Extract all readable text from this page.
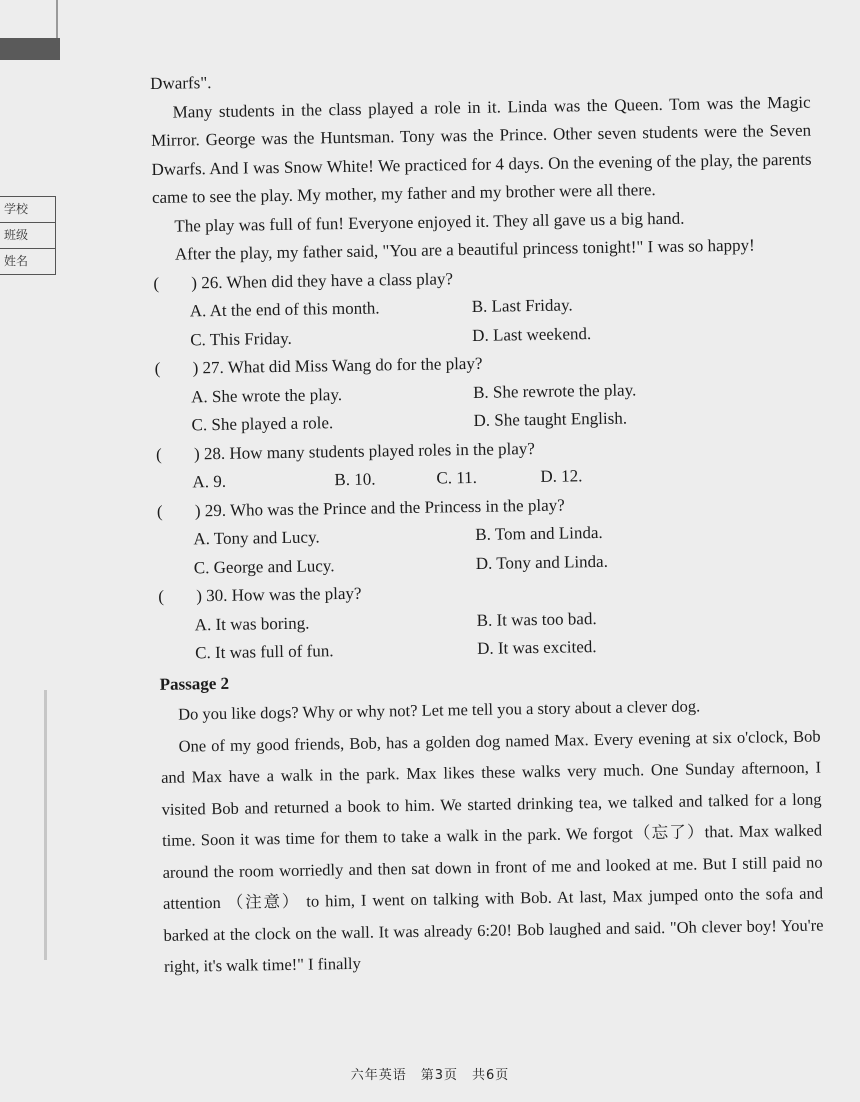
学校
班级
姓名

Dwarfs".

Many students in the class played a role in it. Linda was the Queen. Tom was the Magic Mirror. George was the Huntsman. Tony was the Prince. Other seven students were the Seven Dwarfs. And I was Snow White! We practiced for 4 days. On the evening of the play, the parents came to see the play. My mother, my father and my brother were all there.

The play was full of fun! Everyone enjoyed it. They all gave us a big hand.

After the play, my father said, "You are a beautiful princess tonight!" I was so happy!

( ) 26. When did they have a class play?
A. At the end of this month.	B. Last Friday.
C. This Friday.	D. Last weekend.
( ) 27. What did Miss Wang do for the play?
A. She wrote the play.	B. She rewrote the play.
C. She played a role.	D. She taught English.
( ) 28. How many students played roles in the play?
A. 9.	B. 10.	C. 11.	D. 12.
( ) 29. Who was the Prince and the Princess in the play?
A. Tony and Lucy.	B. Tom and Linda.
C. George and Lucy.	D. Tony and Linda.
( ) 30. How was the play?
A. It was boring.	B. It was too bad.
C. It was full of fun.	D. It was excited.
Passage 2

Do you like dogs? Why or why not? Let me tell you a story about a clever dog.

One of my good friends, Bob, has a golden dog named Max. Every evening at six o'clock, Bob and Max have a walk in the park. Max likes these walks very much. One Sunday afternoon, I visited Bob and returned a book to him. We started drinking tea, we talked and talked for a long time. Soon it was time for them to take a walk in the park. We forgot（忘了）that. Max walked around the room worriedly and then sat down in front of me and looked at me. But I still paid no attention （注意） to him, I went on talking with Bob. At last, Max jumped onto the sofa and barked at the clock on the wall. It was already 6:20! Bob laughed and said. "Oh clever boy! You're right, it's walk time!" I finally

六年英语　第3页　共6页
